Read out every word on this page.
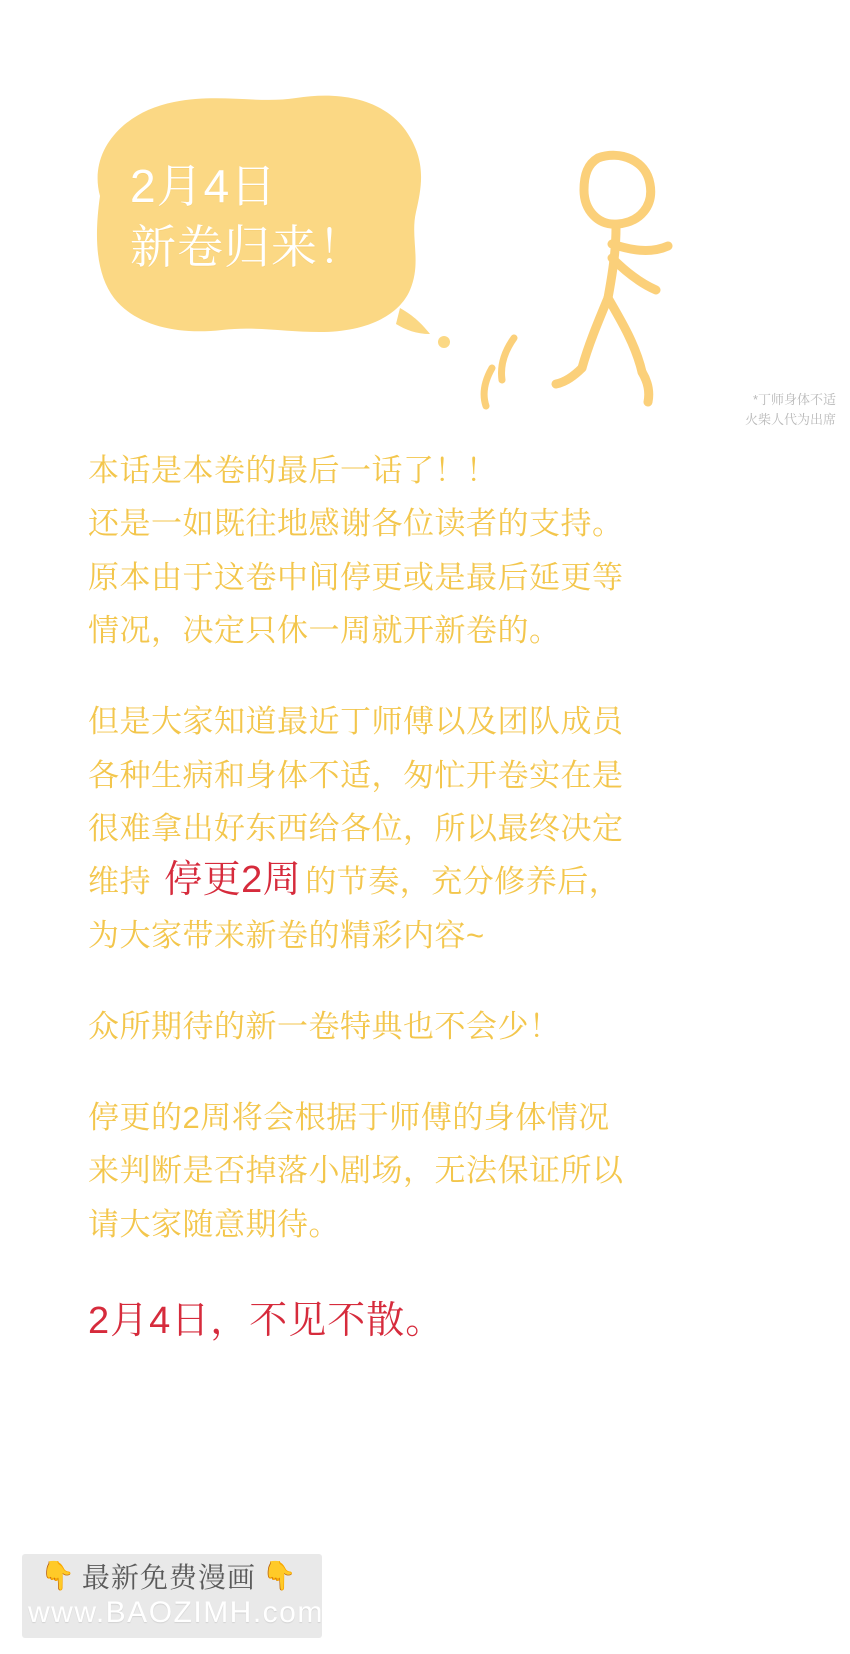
2月4日
新卷归来！
*丁师身体不适
火柴人代为出席
本话是本卷的最后一话了！！
还是一如既往地感谢各位读者的支持。
原本由于这卷中间停更或是最后延更等
情况，决定只休一周就开新卷的。
但是大家知道最近丁师傅以及团队成员
各种生病和身体不适，匆忙开卷实在是
很难拿出好东西给各位，所以最终决定
维持 停更2周 的节奏，充分修养后，
为大家带来新卷的精彩内容~
众所期待的新一卷特典也不会少！
停更的2周将会根据于师傅的身体情况
来判断是否掉落小剧场，无法保证所以
请大家随意期待。
2月4日，不见不散。
👇 最新免费漫画 👇
www.BAOZIMH.com
